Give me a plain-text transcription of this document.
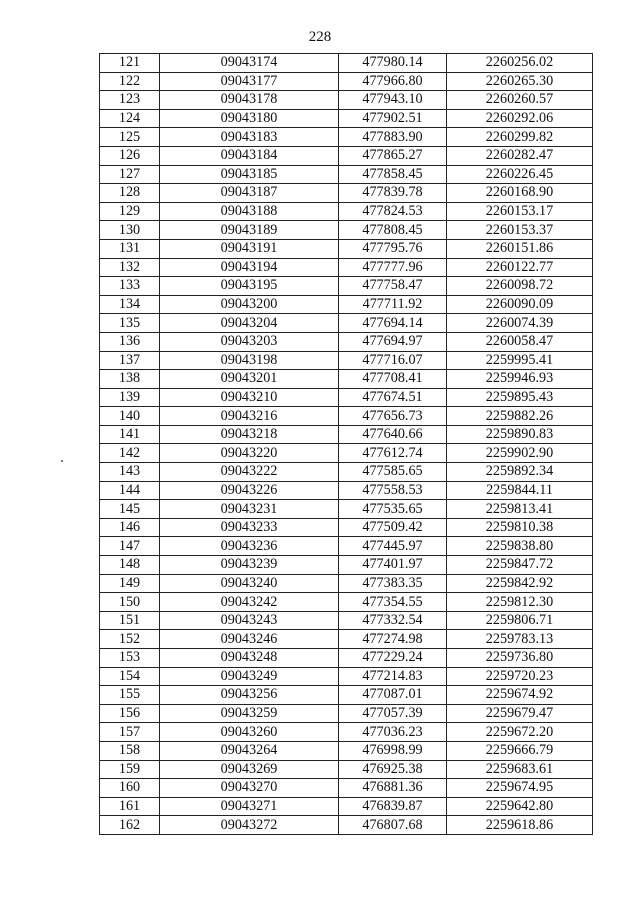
228
121	09043174	477980.14	2260256.02
122	09043177	477966.80	2260265.30
123	09043178	477943.10	2260260.57
124	09043180	477902.51	2260292.06
125	09043183	477883.90	2260299.82
126	09043184	477865.27	2260282.47
127	09043185	477858.45	2260226.45
128	09043187	477839.78	2260168.90
129	09043188	477824.53	2260153.17
130	09043189	477808.45	2260153.37
131	09043191	477795.76	2260151.86
132	09043194	477777.96	2260122.77
133	09043195	477758.47	2260098.72
134	09043200	477711.92	2260090.09
135	09043204	477694.14	2260074.39
136	09043203	477694.97	2260058.47
137	09043198	477716.07	2259995.41
138	09043201	477708.41	2259946.93
139	09043210	477674.51	2259895.43
140	09043216	477656.73	2259882.26
141	09043218	477640.66	2259890.83
142	09043220	477612.74	2259902.90
143	09043222	477585.65	2259892.34
144	09043226	477558.53	2259844.11
145	09043231	477535.65	2259813.41
146	09043233	477509.42	2259810.38
147	09043236	477445.97	2259838.80
148	09043239	477401.97	2259847.72
149	09043240	477383.35	2259842.92
150	09043242	477354.55	2259812.30
151	09043243	477332.54	2259806.71
152	09043246	477274.98	2259783.13
153	09043248	477229.24	2259736.80
154	09043249	477214.83	2259720.23
155	09043256	477087.01	2259674.92
156	09043259	477057.39	2259679.47
157	09043260	477036.23	2259672.20
158	09043264	476998.99	2259666.79
159	09043269	476925.38	2259683.61
160	09043270	476881.36	2259674.95
161	09043271	476839.87	2259642.80
162	09043272	476807.68	2259618.86
